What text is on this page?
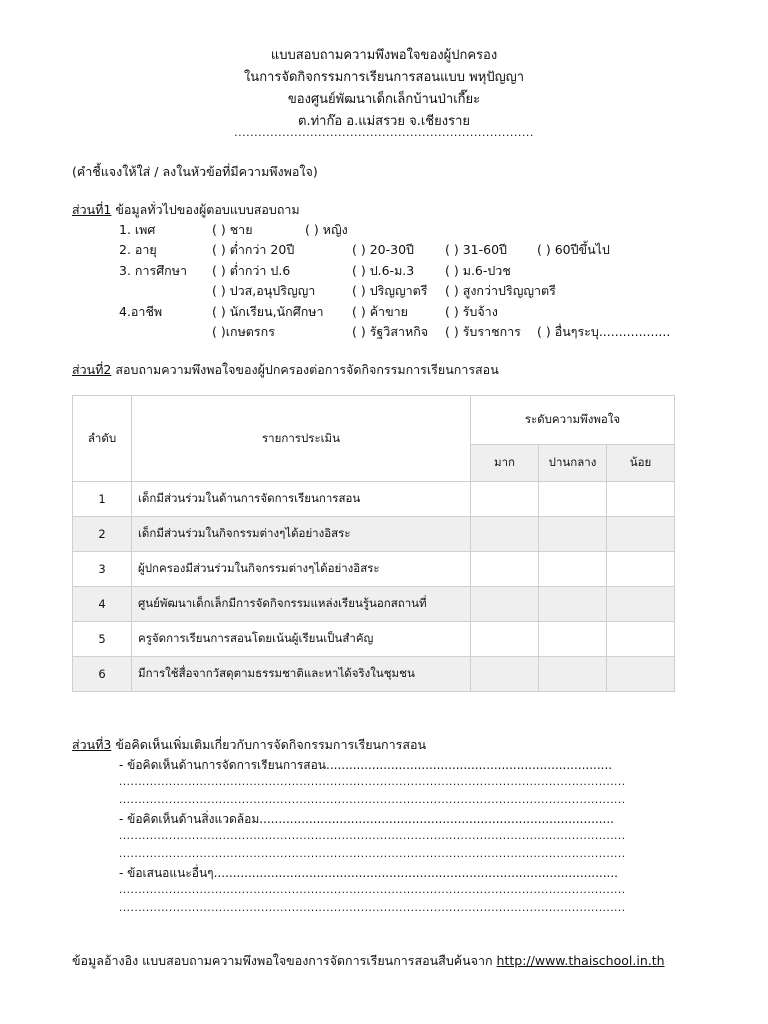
แบบสอบถามความพึงพอใจของผู้ปกครอง
ในการจัดกิจกรรมการเรียนการสอนแบบ พหุปัญญา
ของศูนย์พัฒนาเด็กเล็กบ้านป่าเกี๊ยะ
ต.ท่าก๊อ อ.แม่สรวย จ.เชียงราย
...........................................................................
(คำชี้แจงให้ใส่ / ลงในหัวข้อที่มีความพึงพอใจ)
ส่วนที่1 ข้อมูลทั่วไปของผู้ตอบแบบสอบถาม
1. เพศ	( ) ชาย	( ) หญิง
2. อายุ	( ) ต่ำกว่า 20ปี	( ) 20-30ปี ( ) 31-60ปี ( ) 60ปีขึ้นไป
3. การศึกษา ( ) ต่ำกว่า ป.6	( ) ป.6-ม.3 ( ) ม.6-ปวช
( ) ปวส,อนุปริญญา	( ) ปริญญาตรี ( ) สูงกว่าปริญญาตรี
4.อาชีพ	( ) นักเรียน,นักศึกษา ( ) ค้าขาย	( ) รับจ้าง
( )เกษตรกร	( ) รัฐวิสาหกิจ ( ) รับราชการ ( ) อื่นๆระบุ..................
ส่วนที่2 สอบถามความพึงพอใจของผู้ปกครองต่อการจัดกิจกรรมการเรียนการสอน
ลำดับ	รายการประเมิน	ระดับความพึงพอใจ		
		มาก	ปานกลาง	น้อย
1	เด็กมีส่วนร่วมในด้านการจัดการเรียนการสอน			
2	เด็กมีส่วนร่วมในกิจกรรมต่างๆได้อย่างอิสระ			
3	ผู้ปกครองมีส่วนร่วมในกิจกรรมต่างๆได้อย่างอิสระ			
4	ศูนย์พัฒนาเด็กเล็กมีการจัดกิจกรรมแหล่งเรียนรู้นอกสถานที่			
5	ครูจัดการเรียนการสอนโดยเน้นผู้เรียนเป็นสำคัญ			
6	มีการใช้สื่อจากวัสดุตามธรรมชาติและหาได้จริงในชุมชน			
ส่วนที่3 ข้อคิดเห็นเพิ่มเติมเกี่ยวกับการจัดกิจกรรมการเรียนการสอน
- ข้อคิดเห็นด้านการจัดการเรียนการสอน...........................................................................
....................................................................................................................................
....................................................................................................................................
- ข้อคิดเห็นด้านสิ่งแวดล้อม.............................................................................................
....................................................................................................................................
....................................................................................................................................
- ข้อเสนอแนะอื่นๆ..........................................................................................................
....................................................................................................................................
....................................................................................................................................
ข้อมูลอ้างอิง แบบสอบถามความพึงพอใจของการจัดการเรียนการสอนสืบค้นจาก http://www.thaischool.in.th
